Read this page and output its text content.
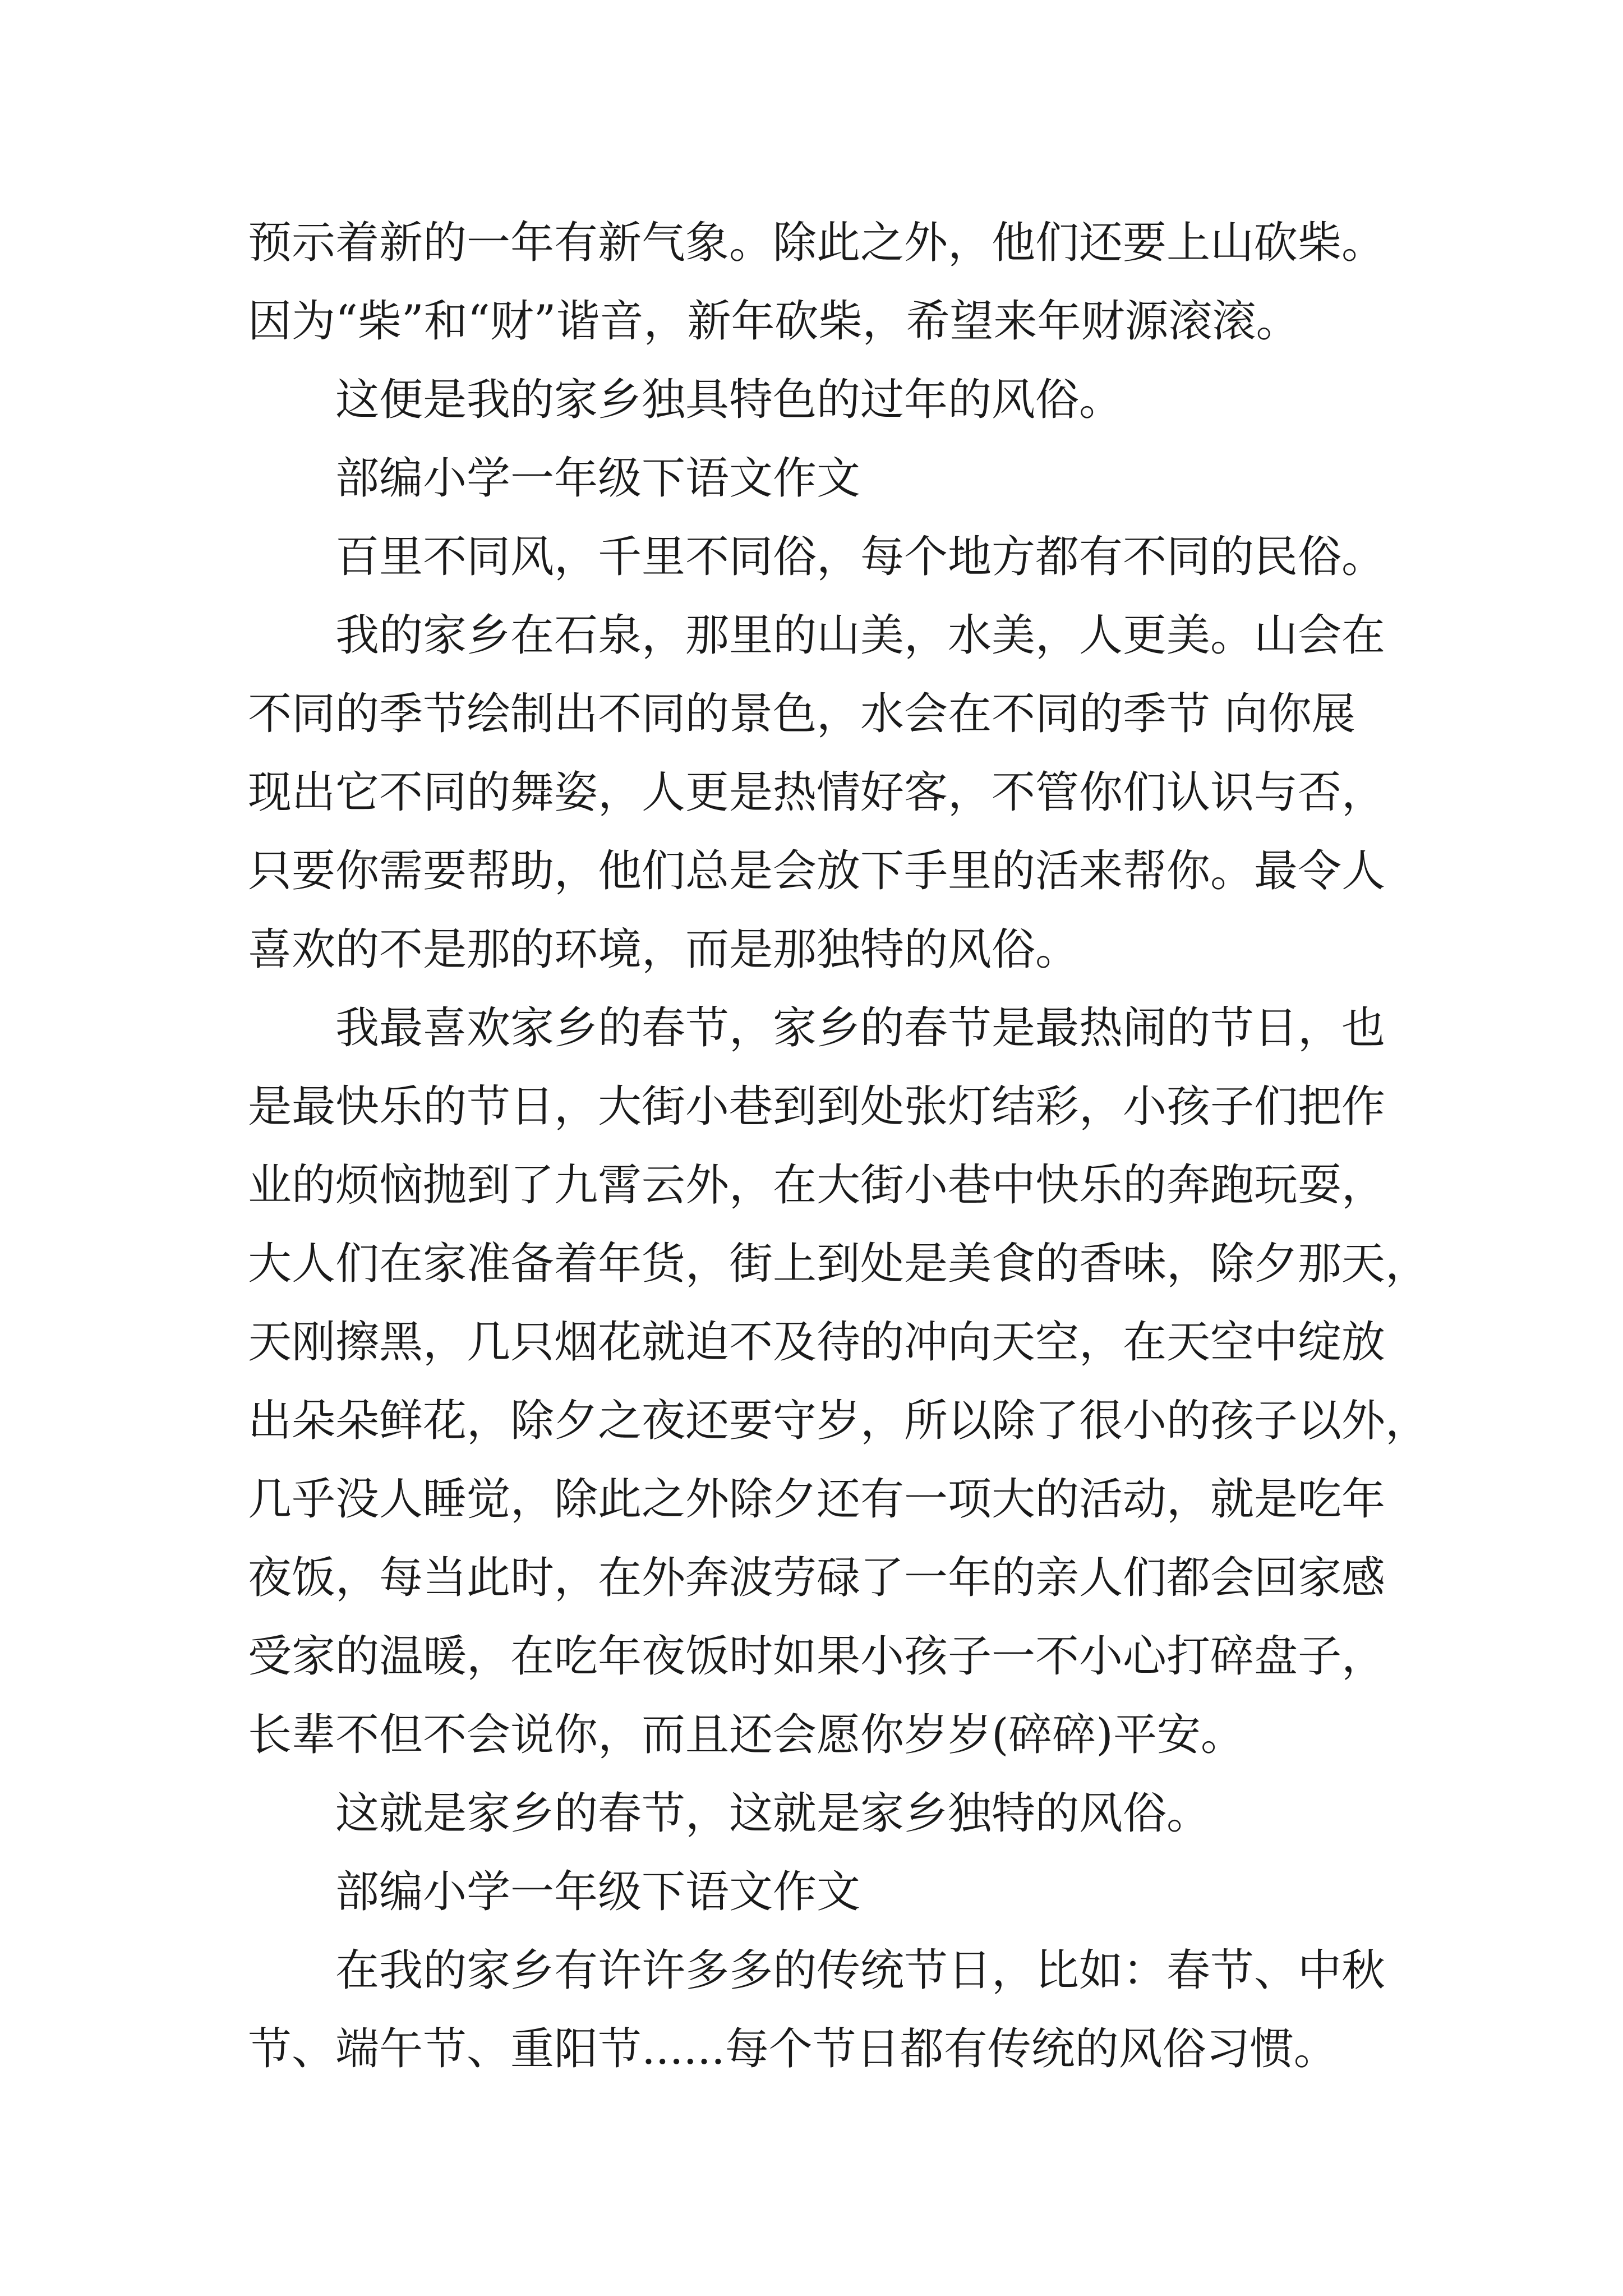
预示着新的一年有新气象。除此之外，他们还要上山砍柴。

因为“柴”和“财”谐音，新年砍柴，希望来年财源滚滚。

这便是我的家乡独具特色的过年的风俗。

部编小学一年级下语文作文

百里不同风，千里不同俗，每个地方都有不同的民俗。

我的家乡在石泉，那里的山美，水美，人更美。山会在

不同的季节绘制出不同的景色，水会在不同的季节 向你展

现出它不同的舞姿，人更是热情好客，不管你们认识与否，

只要你需要帮助，他们总是会放下手里的活来帮你。最令人

喜欢的不是那的环境，而是那独特的风俗。

我最喜欢家乡的春节，家乡的春节是最热闹的节日，也

是最快乐的节日，大街小巷到到处张灯结彩，小孩子们把作

业的烦恼抛到了九霄云外，在大街小巷中快乐的奔跑玩耍，

大人们在家准备着年货，街上到处是美食的香味，除夕那天，

天刚擦黑，几只烟花就迫不及待的冲向天空，在天空中绽放

出朵朵鲜花，除夕之夜还要守岁，所以除了很小的孩子以外，

几乎没人睡觉，除此之外除夕还有一项大的活动，就是吃年

夜饭，每当此时，在外奔波劳碌了一年的亲人们都会回家感

受家的温暖，在吃年夜饭时如果小孩子一不小心打碎盘子，

长辈不但不会说你，而且还会愿你岁岁(碎碎)平安。

这就是家乡的春节，这就是家乡独特的风俗。

部编小学一年级下语文作文

在我的家乡有许许多多的传统节日，比如：春节、中秋

节、端午节、重阳节......每个节日都有传统的风俗习惯。
